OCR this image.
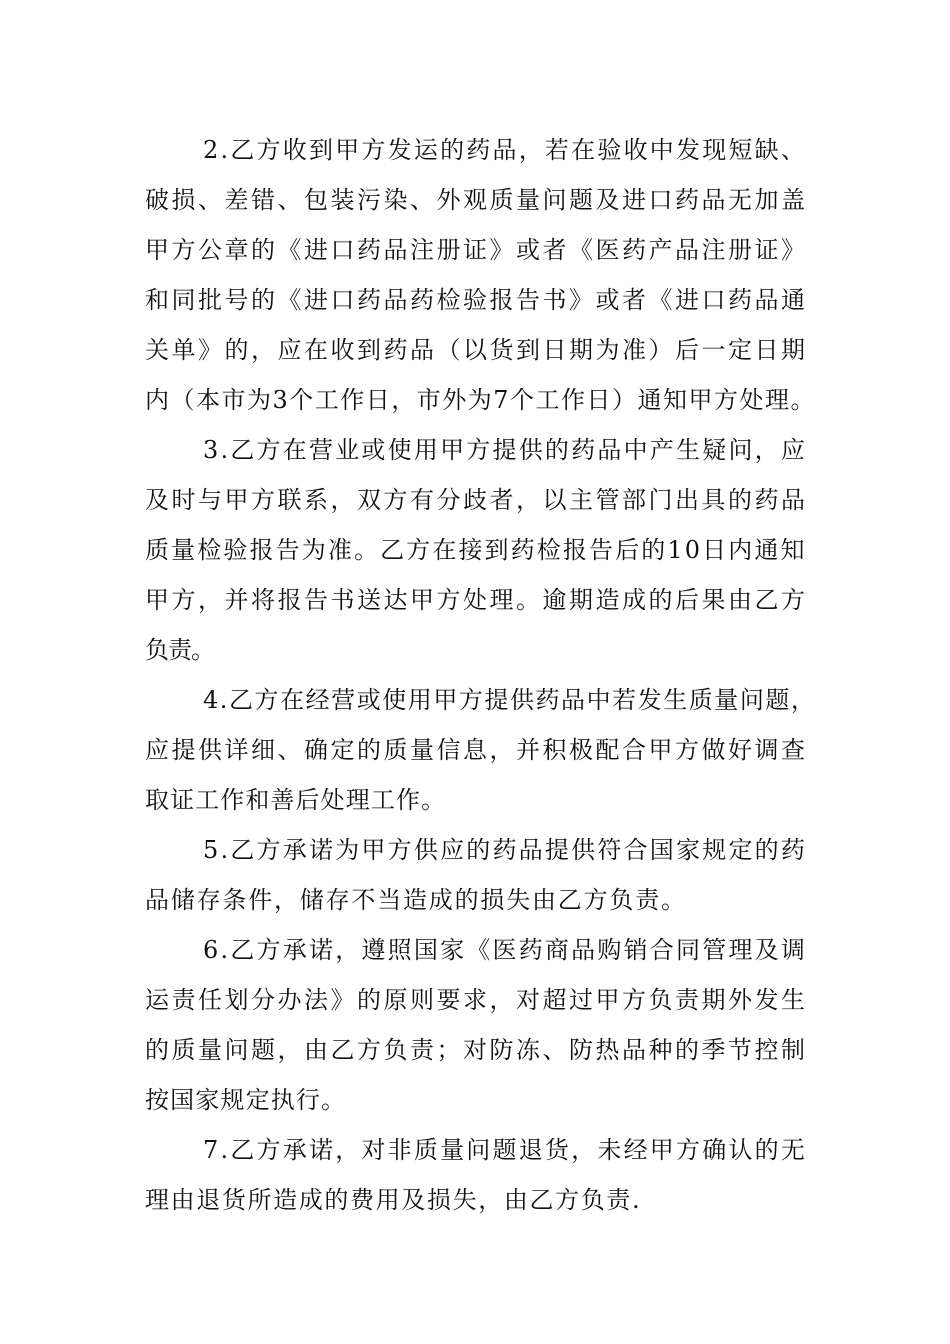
2.乙方收到甲方发运的药品，若在验收中发现短缺、
破损、差错、包装污染、外观质量问题及进口药品无加盖
甲方公章的《进口药品注册证》或者《医药产品注册证》
和同批号的《进口药品药检验报告书》或者《进口药品通
关单》的，应在收到药品（以货到日期为准）后一定日期
内（本市为3个工作日，市外为7个工作日）通知甲方处理。
3.乙方在营业或使用甲方提供的药品中产生疑问，应
及时与甲方联系，双方有分歧者，以主管部门出具的药品
质量检验报告为准。乙方在接到药检报告后的10日内通知
甲方，并将报告书送达甲方处理。逾期造成的后果由乙方
负责。
4.乙方在经营或使用甲方提供药品中若发生质量问题，
应提供详细、确定的质量信息，并积极配合甲方做好调查
取证工作和善后处理工作。
5.乙方承诺为甲方供应的药品提供符合国家规定的药
品储存条件，储存不当造成的损失由乙方负责。
6.乙方承诺，遵照国家《医药商品购销合同管理及调
运责任划分办法》的原则要求，对超过甲方负责期外发生
的质量问题，由乙方负责；对防冻、防热品种的季节控制
按国家规定执行。
7.乙方承诺，对非质量问题退货，未经甲方确认的无
理由退货所造成的费用及损失，由乙方负责.
